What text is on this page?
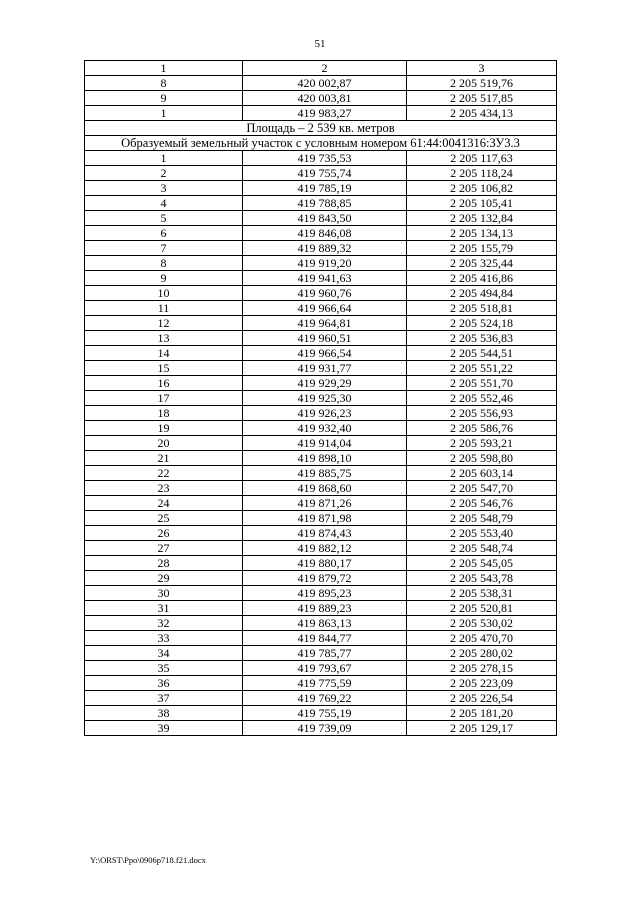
51
1	2	3
8	420 002,87	2 205 519,76
9	420 003,81	2 205 517,85
1	419 983,27	2 205 434,13
Площадь – 2 539 кв. метров		
Образуемый земельный участок с условным номером 61:44:0041316:ЗУ3.3		
1	419 735,53	2 205 117,63
2	419 755,74	2 205 118,24
3	419 785,19	2 205 106,82
4	419 788,85	2 205 105,41
5	419 843,50	2 205 132,84
6	419 846,08	2 205 134,13
7	419 889,32	2 205 155,79
8	419 919,20	2 205 325,44
9	419 941,63	2 205 416,86
10	419 960,76	2 205 494,84
11	419 966,64	2 205 518,81
12	419 964,81	2 205 524,18
13	419 960,51	2 205 536,83
14	419 966,54	2 205 544,51
15	419 931,77	2 205 551,22
16	419 929,29	2 205 551,70
17	419 925,30	2 205 552,46
18	419 926,23	2 205 556,93
19	419 932,40	2 205 586,76
20	419 914,04	2 205 593,21
21	419 898,10	2 205 598,80
22	419 885,75	2 205 603,14
23	419 868,60	2 205 547,70
24	419 871,26	2 205 546,76
25	419 871,98	2 205 548,79
26	419 874,43	2 205 553,40
27	419 882,12	2 205 548,74
28	419 880,17	2 205 545,05
29	419 879,72	2 205 543,78
30	419 895,23	2 205 538,31
31	419 889,23	2 205 520,81
32	419 863,13	2 205 530,02
33	419 844,77	2 205 470,70
34	419 785,77	2 205 280,02
35	419 793,67	2 205 278,15
36	419 775,59	2 205 223,09
37	419 769,22	2 205 226,54
38	419 755,19	2 205 181,20
39	419 739,09	2 205 129,17
Y:\ORST\Ppo\0906p718.f21.docx
